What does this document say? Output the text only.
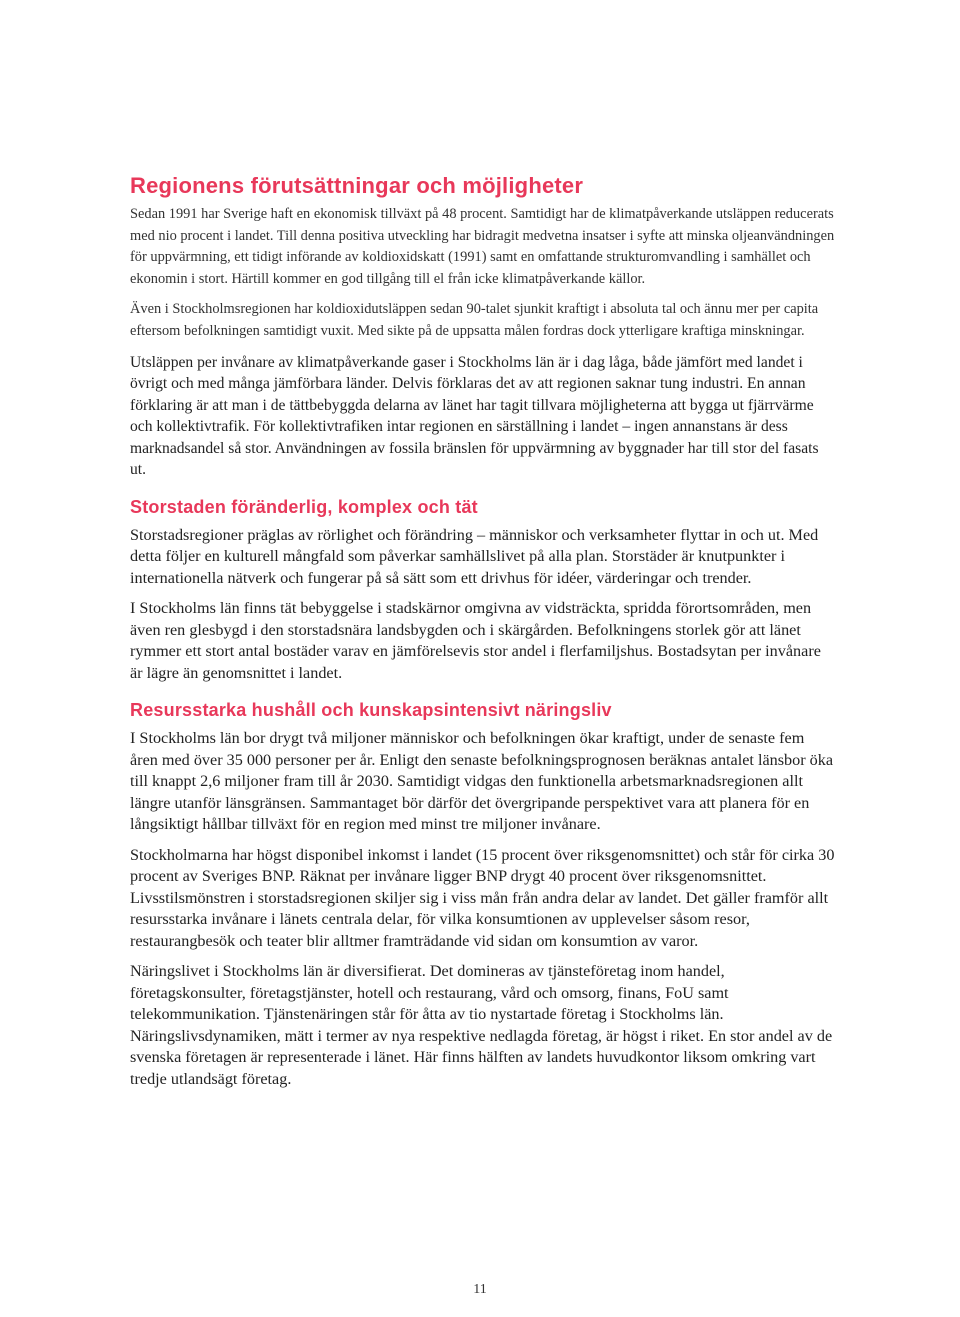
Regionens förutsättningar och möjligheter

Sedan 1991 har Sverige haft en ekonomisk tillväxt på 48 procent. Samtidigt har de klimatpåverkande utsläppen reducerats med nio procent i landet. Till denna positiva utveckling har bidragit medvetna insatser i syfte att minska oljeanvändningen för uppvärmning, ett tidigt införande av koldioxidskatt (1991) samt en omfattande strukturomvandling i samhället och ekonomin i stort. Härtill kommer en god tillgång till el från icke klimatpåverkande källor.

Även i Stockholmsregionen har koldioxidutsläppen sedan 90-talet sjunkit kraftigt i absoluta tal och ännu mer per capita eftersom befolkningen samtidigt vuxit. Med sikte på de uppsatta målen fordras dock ytterligare kraftiga minskningar.

Utsläppen per invånare av klimatpåverkande gaser i Stockholms län är i dag låga, både jämfört med landet i övrigt och med många jämförbara länder. Delvis förklaras det av att regionen saknar tung industri. En annan förklaring är att man i de tättbebyggda delarna av länet har tagit tillvara möjligheterna att bygga ut fjärrvärme och kollektivtrafik. För kollektivtrafiken intar regionen en särställning i landet – ingen annanstans är dess marknadsandel så stor. Användningen av fossila bränslen för uppvärmning av byggnader har till stor del fasats ut.

Storstaden föränderlig, komplex och tät

Storstadsregioner präglas av rörlighet och förändring – människor och verksamheter flyttar in och ut. Med detta följer en kulturell mångfald som påverkar samhällslivet på alla plan. Storstäder är knutpunkter i internationella nätverk och fungerar på så sätt som ett drivhus för idéer, värderingar och trender.

I Stockholms län finns tät bebyggelse i stadskärnor omgivna av vidsträckta, spridda förortsområden, men även ren glesbygd i den storstadsnära landsbygden och i skärgården. Befolkningens storlek gör att länet rymmer ett stort antal bostäder varav en jämförelsevis stor andel i flerfamiljshus. Bostadsytan per invånare är lägre än genomsnittet i landet.

Resursstarka hushåll och kunskapsintensivt näringsliv

I Stockholms län bor drygt två miljoner människor och befolkningen ökar kraftigt, under de senaste fem åren med över 35 000 personer per år. Enligt den senaste befolkningsprognosen beräknas antalet länsbor öka till knappt 2,6 miljoner fram till år 2030. Samtidigt vidgas den funktionella arbetsmarknadsregionen allt längre utanför länsgränsen. Sammantaget bör därför det övergripande perspektivet vara att planera för en långsiktigt hållbar tillväxt för en region med minst tre miljoner invånare.

Stockholmarna har högst disponibel inkomst i landet (15 procent över riksgenomsnittet) och står för cirka 30 procent av Sveriges BNP. Räknat per invånare ligger BNP drygt 40 procent över riksgenomsnittet. Livsstilsmönstren i storstadsregionen skiljer sig i viss mån från andra delar av landet. Det gäller framför allt resursstarka invånare i länets centrala delar, för vilka konsumtionen av upplevelser såsom resor, restaurangbesök och teater blir alltmer framträdande vid sidan om konsumtion av varor.

Näringslivet i Stockholms län är diversifierat. Det domineras av tjänsteföretag inom handel, företagskonsulter, företagstjänster, hotell och restaurang, vård och omsorg, finans, FoU samt telekommunikation. Tjänstenäringen står för åtta av tio nystartade företag i Stockholms län. Näringslivsdynamiken, mätt i termer av nya respektive nedlagda företag, är högst i riket. En stor andel av de svenska företagen är representerade i länet. Här finns hälften av landets huvudkontor liksom omkring vart tredje utlandsägt företag.

11
